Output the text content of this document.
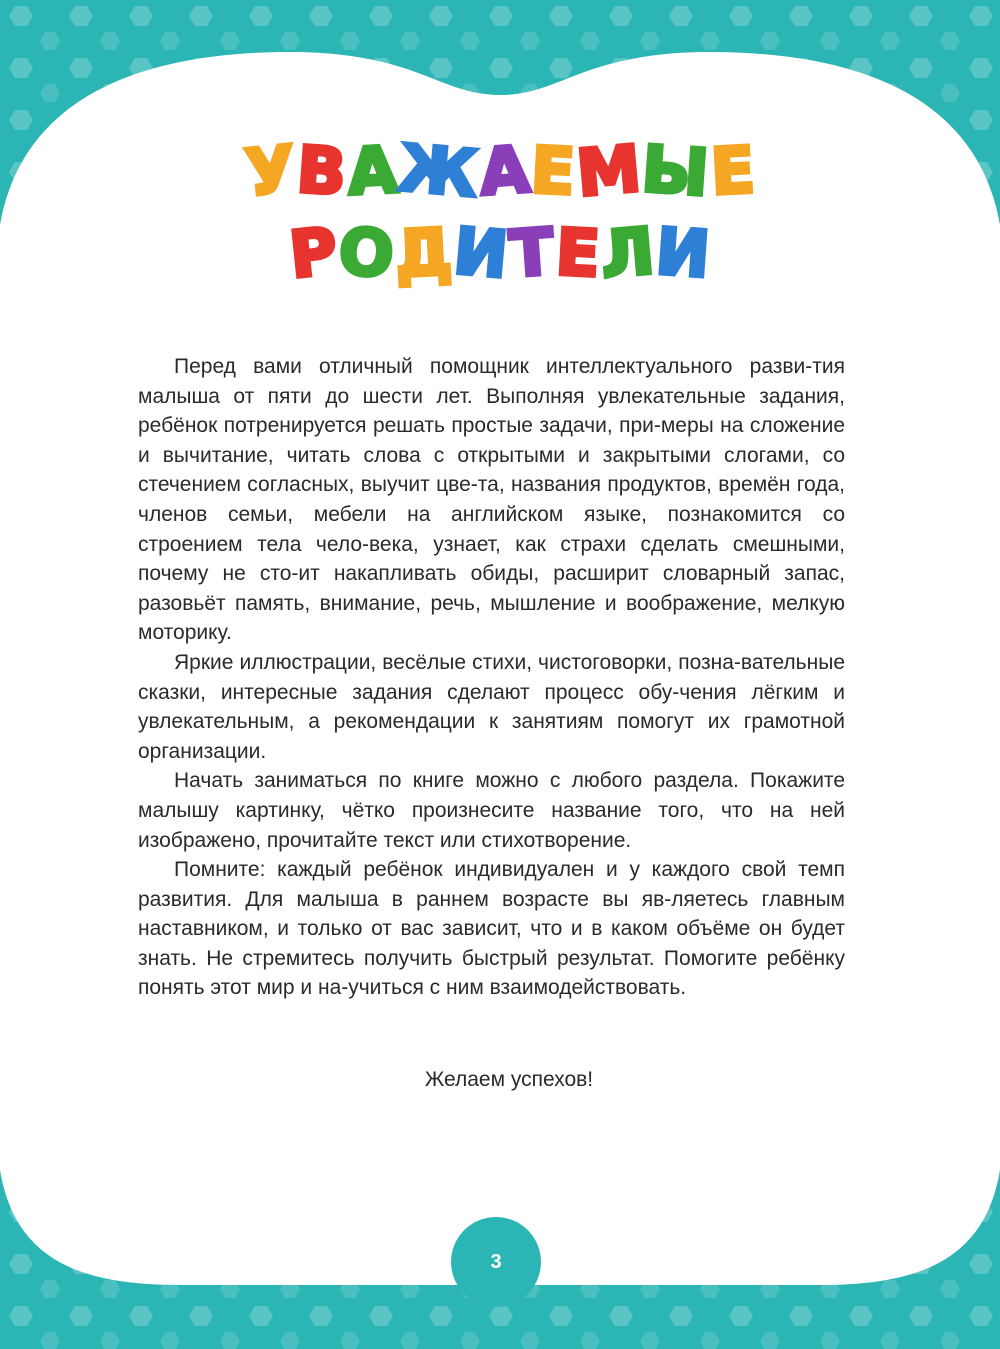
УВАЖАЕМЫЕ
РОДИТЕЛИ

Перед вами отличный помощник интеллектуального разви-​тия малыша от пяти до шести лет. Выполняя увлекательные задания, ребёнок потренируется решать простые задачи, при-​меры на сложение и вычитание, читать слова с открытыми и закрытыми слогами, со стечением согласных, выучит цве-​та, названия продуктов, времён года, членов семьи, мебели на английском языке, познакомится со строением тела чело-​века, узнает, как страхи сделать смешными, почему не сто-​ит накапливать обиды, расширит словарный запас, разовьёт память, внимание, речь, мышление и воображение, мелкую моторику.

Яркие иллюстрации, весёлые стихи, чистоговорки, позна-​вательные сказки, интересные задания сделают процесс обу-​чения лёгким и увлекательным, а рекомендации к занятиям помогут их грамотной организации.

Начать заниматься по книге можно с любого раздела. Покажите малышу картинку, чётко произнесите название того, что на ней изображено, прочитайте текст или стихотворение.

Помните: каждый ребёнок индивидуален и у каждого свой темп развития. Для малыша в раннем возрасте вы яв-​ляетесь главным наставником, и только от вас зависит, что и в каком объёме он будет знать. Не стремитесь получить быстрый результат. Помогите ребёнку понять этот мир и на-​учиться с ним взаимодействовать.

Желаем успехов!
3
